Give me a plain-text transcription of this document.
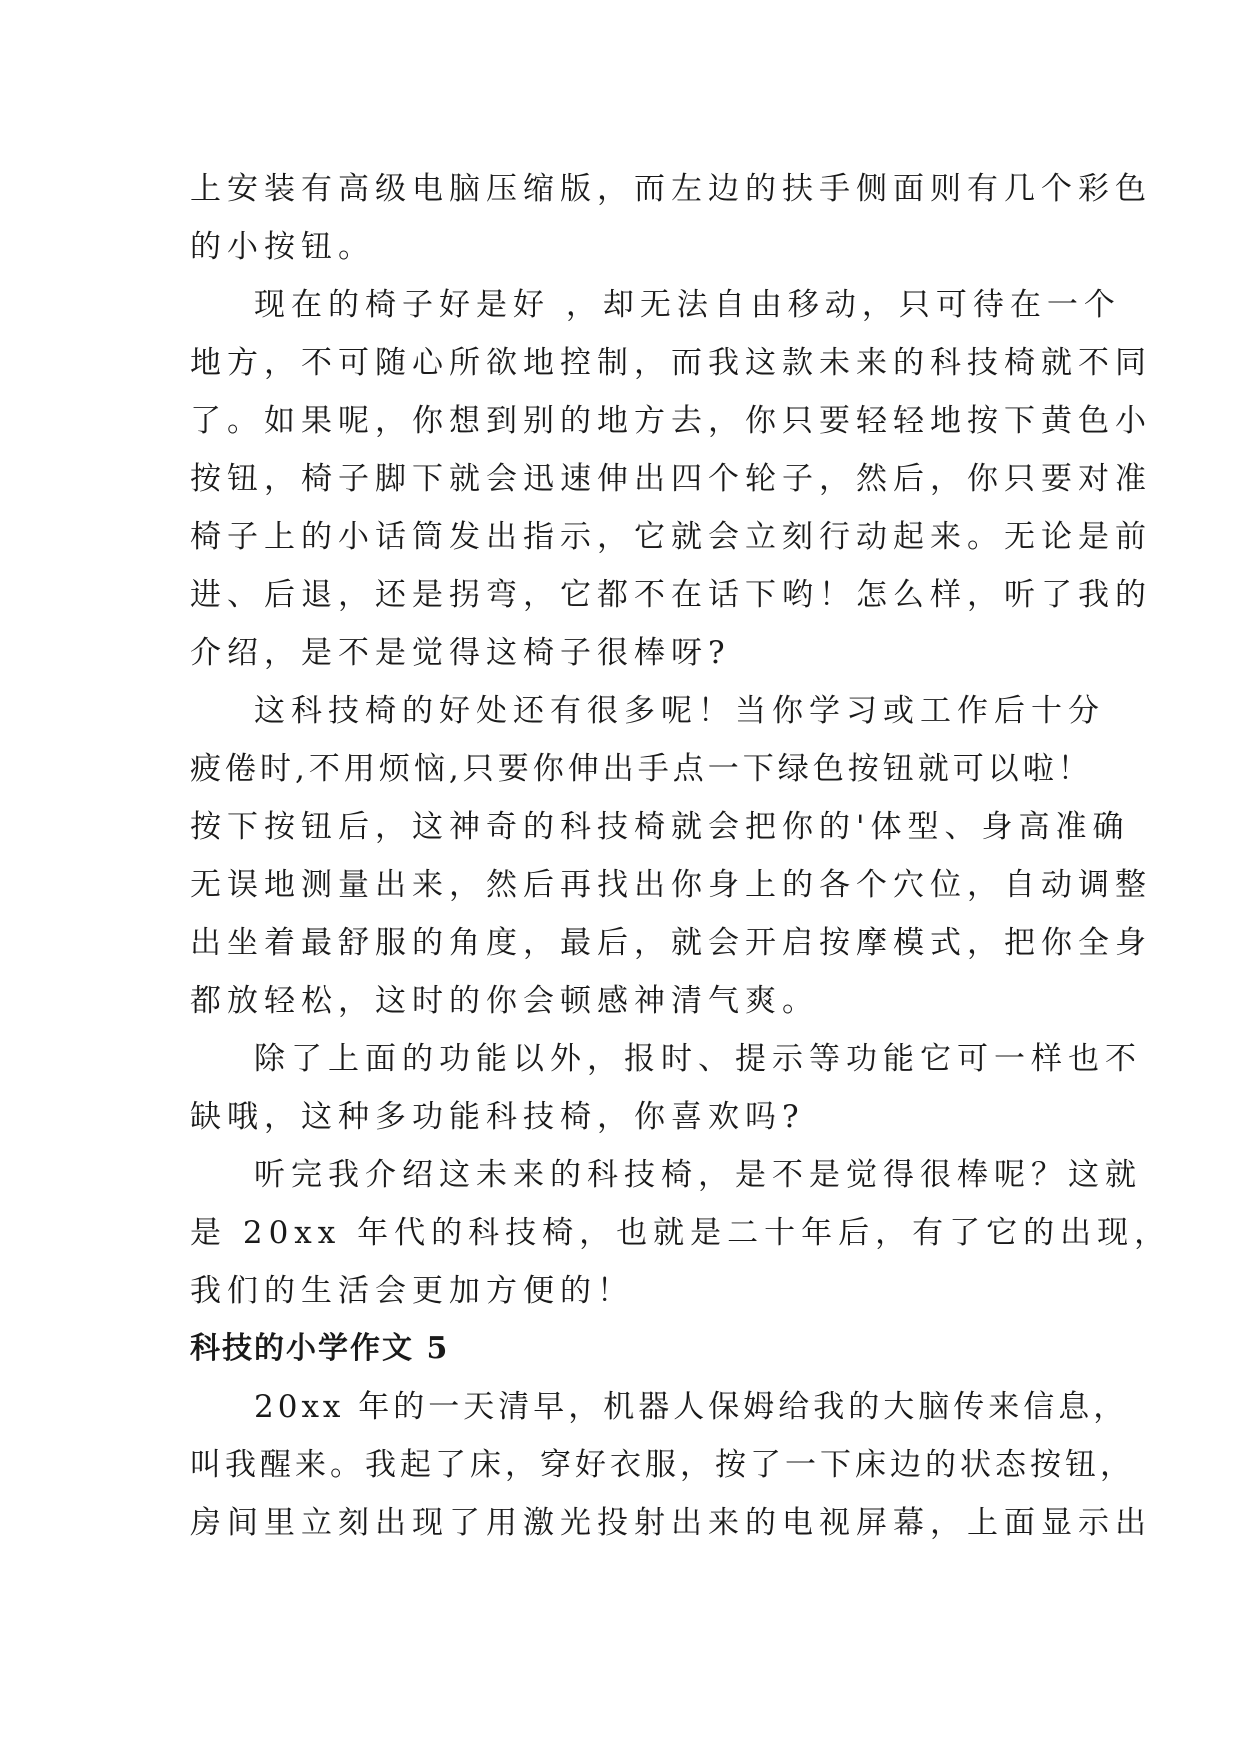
上安装有高级电脑压缩版，而左边的扶手侧面则有几个彩色
的小按钮。

现在的椅子好是好 ，却无法自由移动，只可待在一个
地方，不可随心所欲地控制，而我这款未来的科技椅就不同
了。如果呢，你想到别的地方去，你只要轻轻地按下黄色小
按钮，椅子脚下就会迅速伸出四个轮子，然后，你只要对准
椅子上的小话筒发出指示，它就会立刻行动起来。无论是前
进、后退，还是拐弯，它都不在话下哟！怎么样，听了我的
介绍，是不是觉得这椅子很棒呀?

这科技椅的好处还有很多呢！当你学习或工作后十分
疲倦时,不用烦恼,只要你伸出手点一下绿色按钮就可以啦！
按下按钮后，这神奇的科技椅就会把你的'体型、身高准确
无误地测量出来，然后再找出你身上的各个穴位，自动调整
出坐着最舒服的角度，最后，就会开启按摩模式，把你全身
都放轻松，这时的你会顿感神清气爽。

除了上面的功能以外，报时、提示等功能它可一样也不
缺哦，这种多功能科技椅，你喜欢吗?

听完我介绍这未来的科技椅，是不是觉得很棒呢？这就
是 20xx 年代的科技椅，也就是二十年后，有了它的出现，
我们的生活会更加方便的！

科技的小学作文 5

20xx 年的一天清早，机器人保姆给我的大脑传来信息，
叫我醒来。我起了床，穿好衣服，按了一下床边的状态按钮，
房间里立刻出现了用激光投射出来的电视屏幕，上面显示出
